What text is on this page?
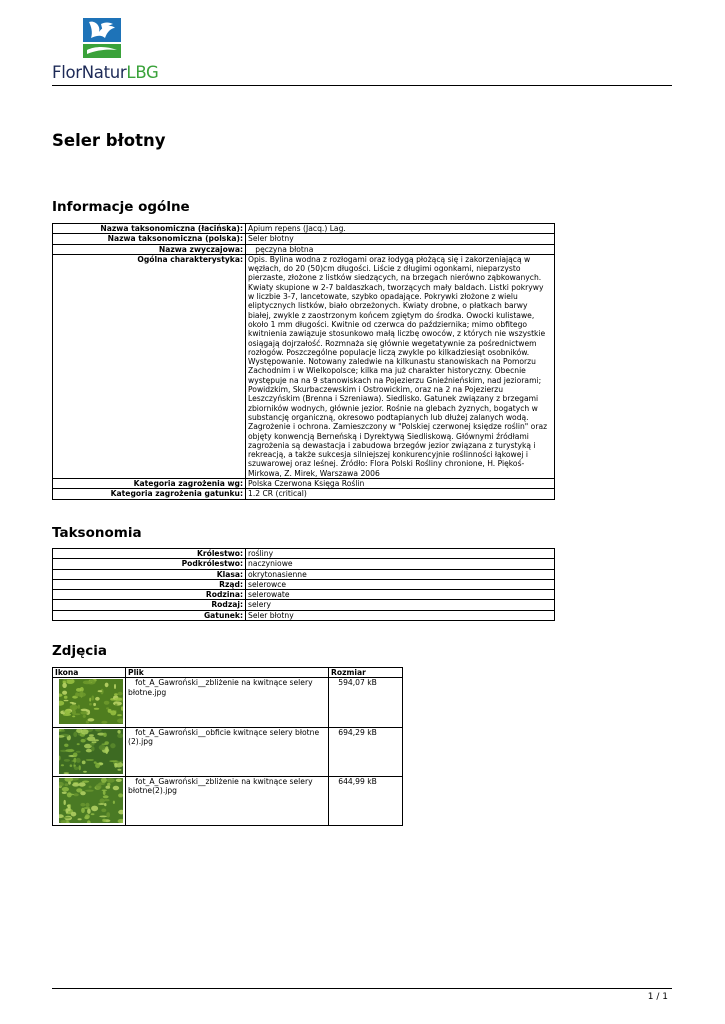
FlorNaturLBG
Seler błotny
Informacje ogólne
Nazwa taksonomiczna (łacińska):	Apium repens (Jacq.) Lag.
Nazwa taksonomiczna (polska):	Seler błotny
Nazwa zwyczajowa:	pęczyna błotna
Ogólna charakterystyka:	Opis. Bylina wodna z rozłogami oraz łodygą płożącą się i zakorzeniającą w węzłach, do 20 (50)cm długości. Liście z długimi ogonkami, nieparzysto pierzaste, złożone z listków siedzących, na brzegach nierówno ząbkowanych. Kwiaty skupione w 2-7 baldaszkach, tworzących mały baldach. Listki pokrywy w liczbie 3-7, lancetowate, szybko opadające. Pokrywki złożone z wielu eliptycznych listków, biało obrzeżonych. Kwiaty drobne, o płatkach barwy białej, zwykle z zaostrzonym końcem zgiętym do środka. Owocki kulistawe, około 1 mm długości. Kwitnie od czerwca do października; mimo obfitego kwitnienia zawiązuje stosunkowo małą liczbę owoców, z których nie wszystkie osiągają dojrzałość. Rozmnaża się głównie wegetatywnie za pośrednictwem rozłogów. Poszczególne populacje liczą zwykle po kilkadziesiąt osobników. Występowanie. Notowany zaledwie na kilkunastu stanowiskach na Pomorzu Zachodnim i w Wielkopolsce; kilka ma już charakter historyczny. Obecnie występuje na na 9 stanowiskach na Pojezierzu Gnieźnieńskim, nad jeziorami; Powidzkim, Skurbaczewskim i Ostrowickim, oraz na 2 na Pojezierzu Leszczyńskim (Brenna i Szreniawa). Siedlisko. Gatunek związany z brzegami zbiorników wodnych, głównie jezior. Rośnie na glebach żyznych, bogatych w substancję organiczną, okresowo podtapianych lub dłużej zalanych wodą. Zagrożenie i ochrona. Zamieszczony w "Polskiej czerwonej księdze roślin" oraz objęty konwencją Berneńską i Dyrektywą Siedliskową. Głównymi źródłami zagrożenia są dewastacja i zabudowa brzegów jezior związana z turystyką i rekreacją, a także sukcesja silniejszej konkurencyjnie roślinności łąkowej i szuwarowej oraz leśnej. Źródło: Flora Polski Rośliny chronione, H. Piękoś-Mirkowa, Z. Mirek, Warszawa 2006
Kategoria zagrożenia wg:	Polska Czerwona Księga Roślin
Kategoria zagrożenia gatunku:	1.2 CR (critical)
Taksonomia
Królestwo:	rośliny
Podkrólestwo:	naczyniowe
Klasa:	okrytonasienne
Rząd:	selerowce
Rodzina:	selerowate
Rodzaj:	selery
Gatunek:	Seler błotny
Zdjęcia
Ikona	Plik	Rozmiar
	fot_A_Gawroński__zbliżenie na kwitnące selery błotne.jpg	594,07 kB
	fot_A_Gawroński__obficie kwitnące selery błotne (2).jpg	694,29 kB
	fot_A_Gawroński__zbliżenie na kwitnące selery błotne(2).jpg	644,99 kB
1 / 1
